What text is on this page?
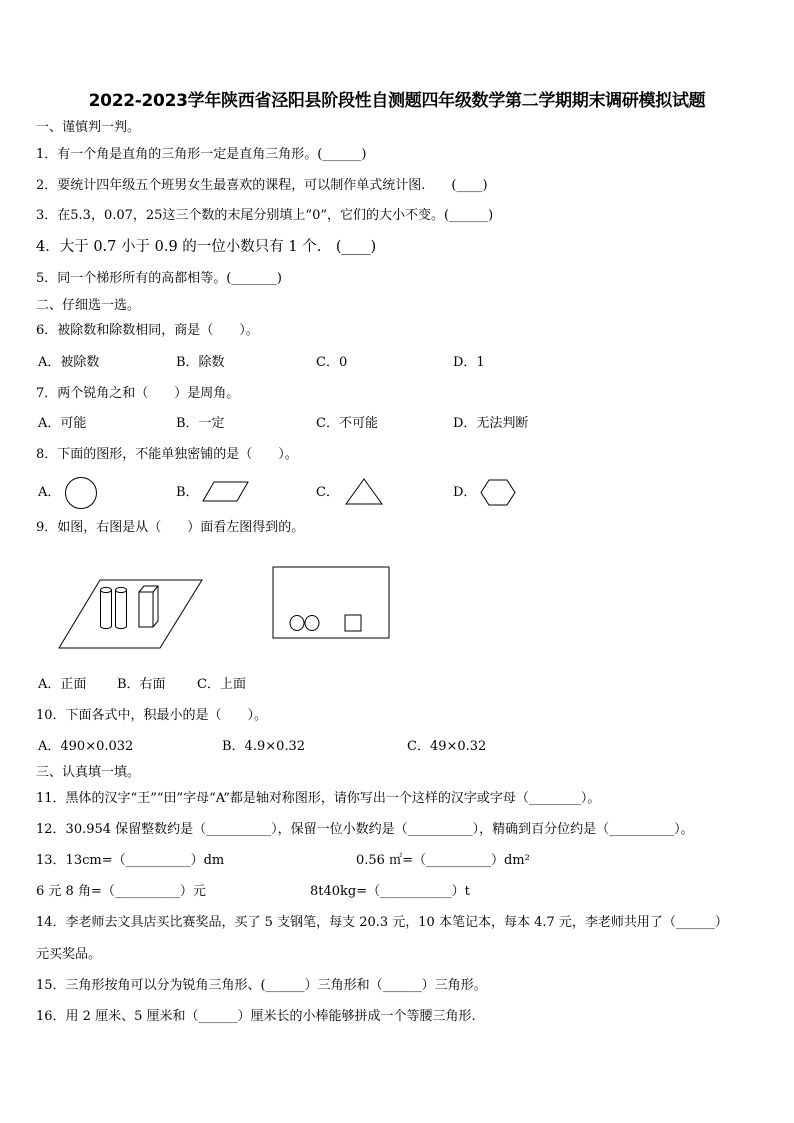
2022-2023学年陕西省泾阳县阶段性自测题四年级数学第二学期期末调研模拟试题
一、谨慎判一判。
1．有一个角是直角的三角形一定是直角三角形。(______)
2．要统计四年级五个班男女生最喜欢的课程，可以制作单式统计图.　　(____)
3．在5.3，0.07，25这三个数的末尾分别填上“0”，它们的大小不变。(______)
4．大于 0.7 小于 0.9 的一位小数只有 1 个.　(____)
5．同一个梯形所有的高都相等。(_______)
二、仔细选一选。
6．被除数和除数相同，商是（　　）。
A．被除数	B．除数	C．0	D．1
7．两个锐角之和（　　）是周角。
A．可能	B．一定	C．不可能	D．无法判断
8．下面的图形，不能单独密铺的是（　　）。
A．	B．	C．	D．
9．如图，右图是从（　　）面看左图得到的。
A．正面 B．右面 C．上面
10．下面各式中，积最小的是（　　）。
A．490×0.032	B．4.9×0.32	C．49×0.32
三、认真填一填。
11．黑体的汉字“王”“田”字母“A”都是轴对称图形，请你写出一个这样的汉字或字母（________）。
12．30.954 保留整数约是（__________），保留一位小数约是（__________），精确到百分位约是（__________）。
13．13cm=（__________）dm	0.56 ㎡=（__________）dm²
6 元 8 角=（__________）元	8t40kg=（___________）t
14．李老师去文具店买比赛奖品，买了 5 支钢笔，每支 20.3 元，10 本笔记本，每本 4.7 元，李老师共用了（______）
元买奖品。
15．三角形按角可以分为锐角三角形、(______）三角形和（______）三角形。
16．用 2 厘米、5 厘米和（______）厘米长的小棒能够拼成一个等腰三角形.
